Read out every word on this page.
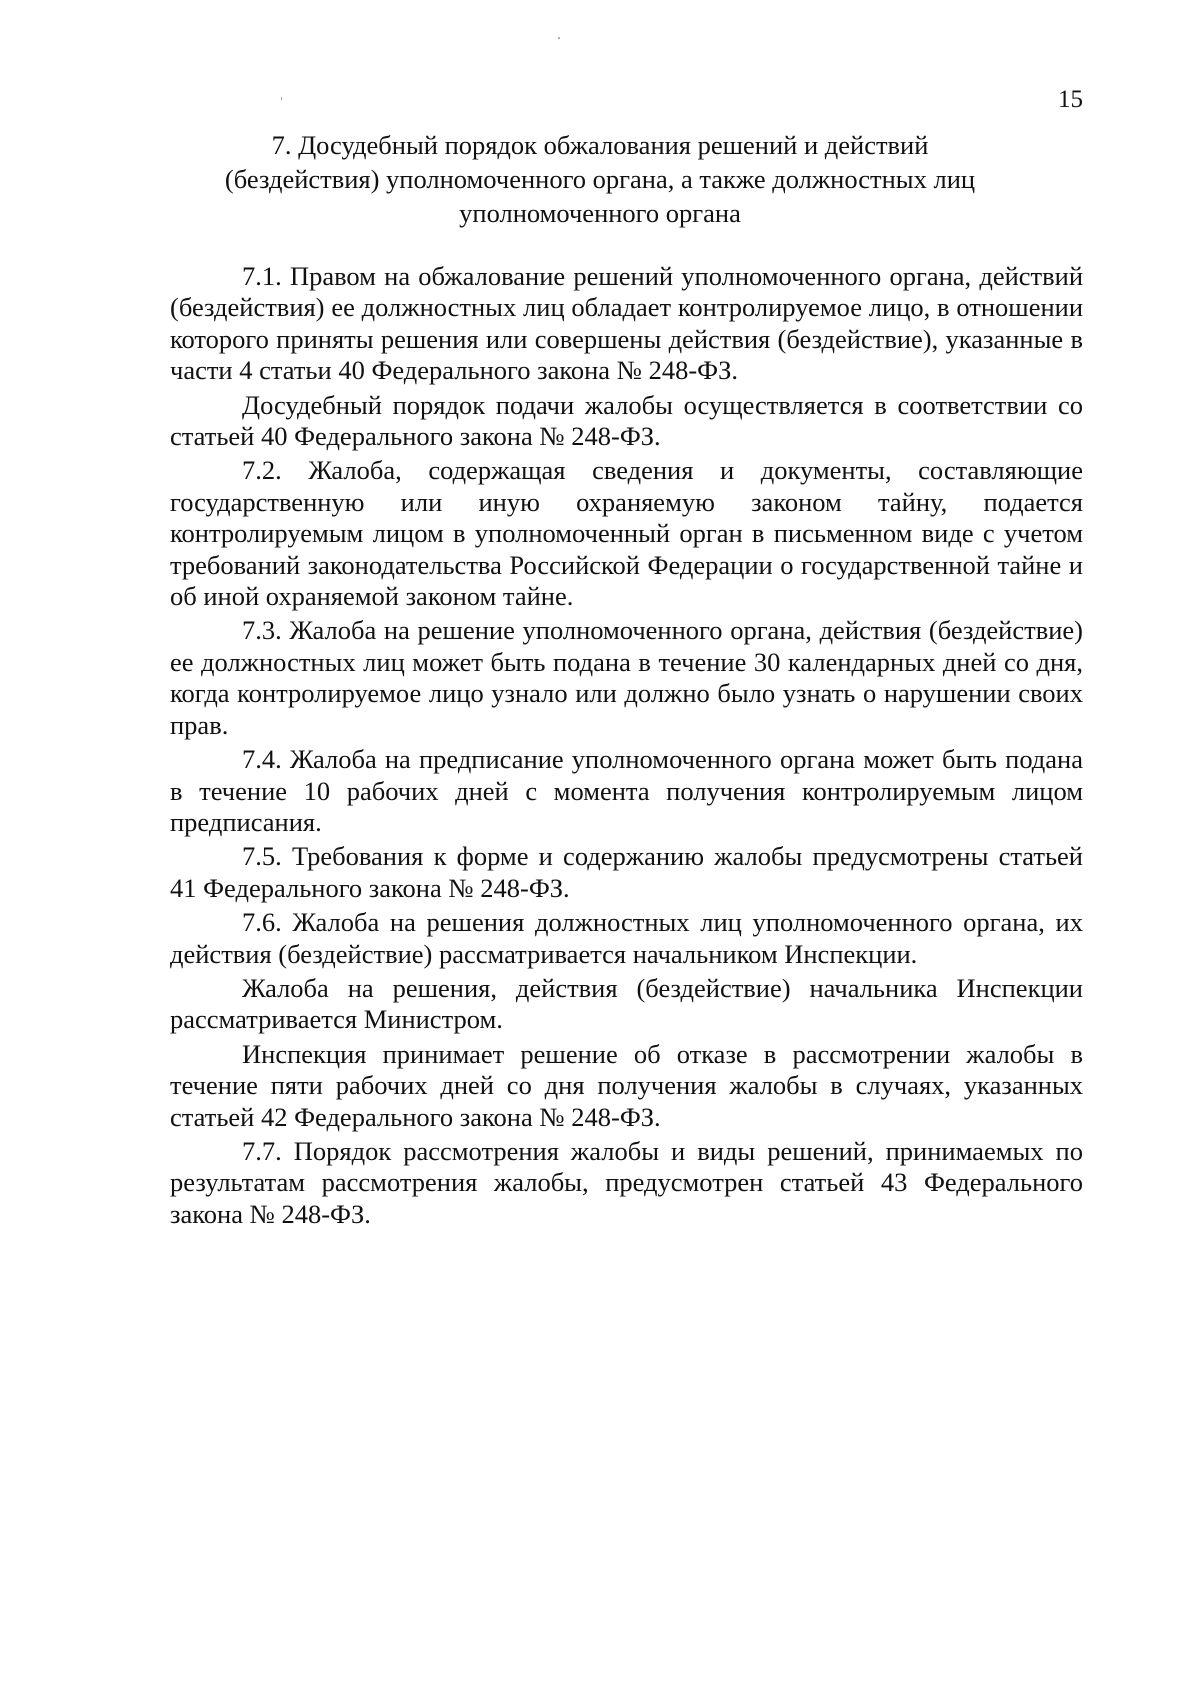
15
7. Досудебный порядок обжалования решений и действий
(бездействия) уполномоченного органа, а также должностных лиц
уполномоченного органа

7.1. Правом на обжалование решений уполномоченного органа, действий (бездействия) ее должностных лиц обладает контролируемое лицо, в отношении которого приняты решения или совершены действия (бездействие), указанные в части 4 статьи 40 Федерального закона № 248-ФЗ.

Досудебный порядок подачи жалобы осуществляется в соответствии со статьей 40 Федерального закона № 248-ФЗ.

7.2. Жалоба, содержащая сведения и документы, составляющие государственную или иную охраняемую законом тайну, подается контролируемым лицом в уполномоченный орган в письменном виде с учетом требований законодательства Российской Федерации о государственной тайне и об иной охраняемой законом тайне.

7.3. Жалоба на решение уполномоченного органа, действия (бездействие) ее должностных лиц может быть подана в течение 30 календарных дней со дня, когда контролируемое лицо узнало или должно было узнать о нарушении своих прав.

7.4. Жалоба на предписание уполномоченного органа может быть подана в течение 10 рабочих дней с момента получения контролируемым лицом предписания.

7.5. Требования к форме и содержанию жалобы предусмотрены статьей 41 Федерального закона № 248-ФЗ.

7.6. Жалоба на решения должностных лиц уполномоченного органа, их действия (бездействие) рассматривается начальником Инспекции.

Жалоба на решения, действия (бездействие) начальника Инспекции рассматривается Министром.

Инспекция принимает решение об отказе в рассмотрении жалобы в течение пяти рабочих дней со дня получения жалобы в случаях, указанных статьей 42 Федерального закона № 248-ФЗ.

7.7. Порядок рассмотрения жалобы и виды решений, принимаемых по результатам рассмотрения жалобы, предусмотрен статьей 43 Федерального закона № 248-ФЗ.
